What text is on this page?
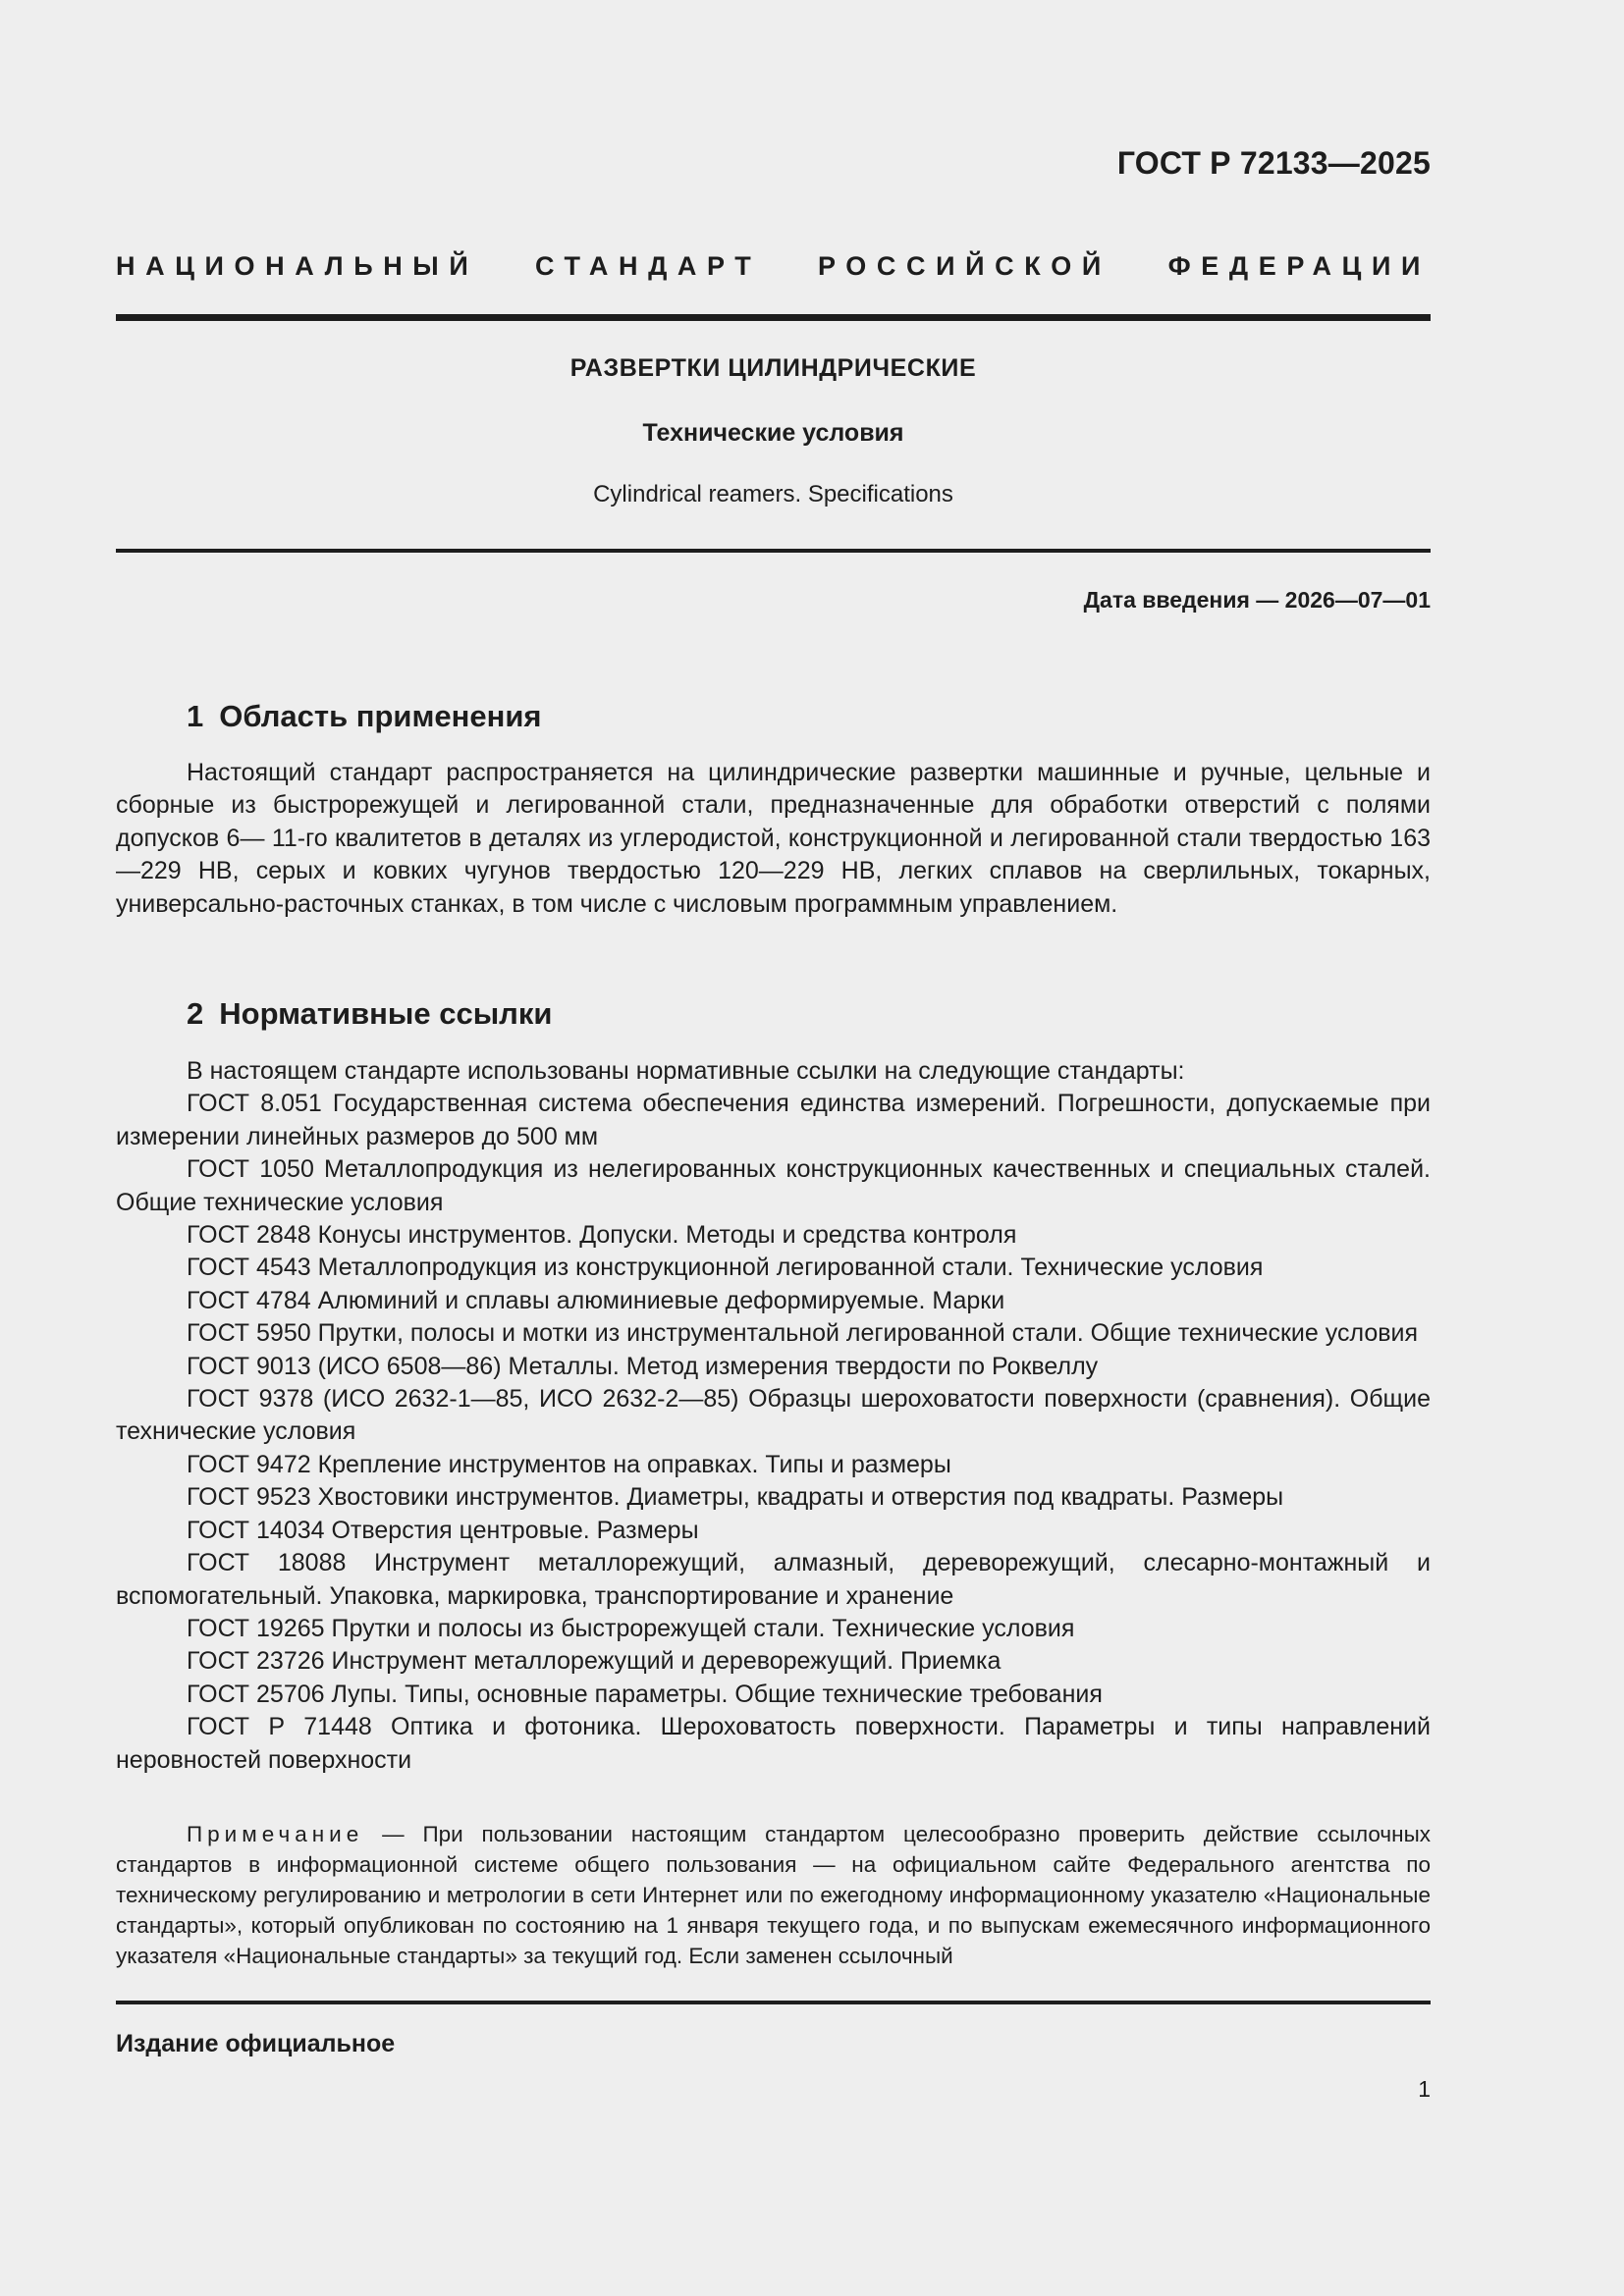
ГОСТ Р 72133—2025
НАЦИОНАЛЬНЫЙ СТАНДАРТ РОССИЙСКОЙ ФЕДЕРАЦИИ
РАЗВЕРТКИ ЦИЛИНДРИЧЕСКИЕ
Технические условия
Cylindrical reamers. Specifications
Дата введения — 2026—07—01
1 Область применения

Настоящий стандарт распространяется на цилиндрические развертки машинные и ручные, цельные и сборные из быстрорежущей и легированной стали, предназначенные для обработки отверстий с полями допусков 6— 11-го квалитетов в деталях из углеродистой, конструкционной и легированной стали твердостью 163—229 НВ, серых и ковких чугунов твердостью 120—229 НВ, легких сплавов на сверлильных, токарных, универсально-расточных станках, в том числе с числовым программным управлением.

2 Нормативные ссылки

В настоящем стандарте использованы нормативные ссылки на следующие стандарты:

ГОСТ 8.051 Государственная система обеспечения единства измерений. Погрешности, допускаемые при измерении линейных размеров до 500 мм

ГОСТ 1050 Металлопродукция из нелегированных конструкционных качественных и специальных сталей. Общие технические условия

ГОСТ 2848 Конусы инструментов. Допуски. Методы и средства контроля

ГОСТ 4543 Металлопродукция из конструкционной легированной стали. Технические условия

ГОСТ 4784 Алюминий и сплавы алюминиевые деформируемые. Марки

ГОСТ 5950 Прутки, полосы и мотки из инструментальной легированной стали. Общие технические условия

ГОСТ 9013 (ИСО 6508—86) Металлы. Метод измерения твердости по Роквеллу

ГОСТ 9378 (ИСО 2632-1—85, ИСО 2632-2—85) Образцы шероховатости поверхности (сравнения). Общие технические условия

ГОСТ 9472 Крепление инструментов на оправках. Типы и размеры

ГОСТ 9523 Хвостовики инструментов. Диаметры, квадраты и отверстия под квадраты. Размеры

ГОСТ 14034 Отверстия центровые. Размеры

ГОСТ 18088 Инструмент металлорежущий, алмазный, дереворежущий, слесарно-монтажный и вспомогательный. Упаковка, маркировка, транспортирование и хранение

ГОСТ 19265 Прутки и полосы из быстрорежущей стали. Технические условия

ГОСТ 23726 Инструмент металлорежущий и дереворежущий. Приемка

ГОСТ 25706 Лупы. Типы, основные параметры. Общие технические требования

ГОСТ Р 71448 Оптика и фотоника. Шероховатость поверхности. Параметры и типы направлений неровностей поверхности

Примечание — При пользовании настоящим стандартом целесообразно проверить действие ссылочных стандартов в информационной системе общего пользования — на официальном сайте Федерального агентства по техническому регулированию и метрологии в сети Интернет или по ежегодному информационному указателю «Национальные стандарты», который опубликован по состоянию на 1 января текущего года, и по выпускам ежемесячного информационного указателя «Национальные стандарты» за текущий год. Если заменен ссылочный

Издание официальное
1
